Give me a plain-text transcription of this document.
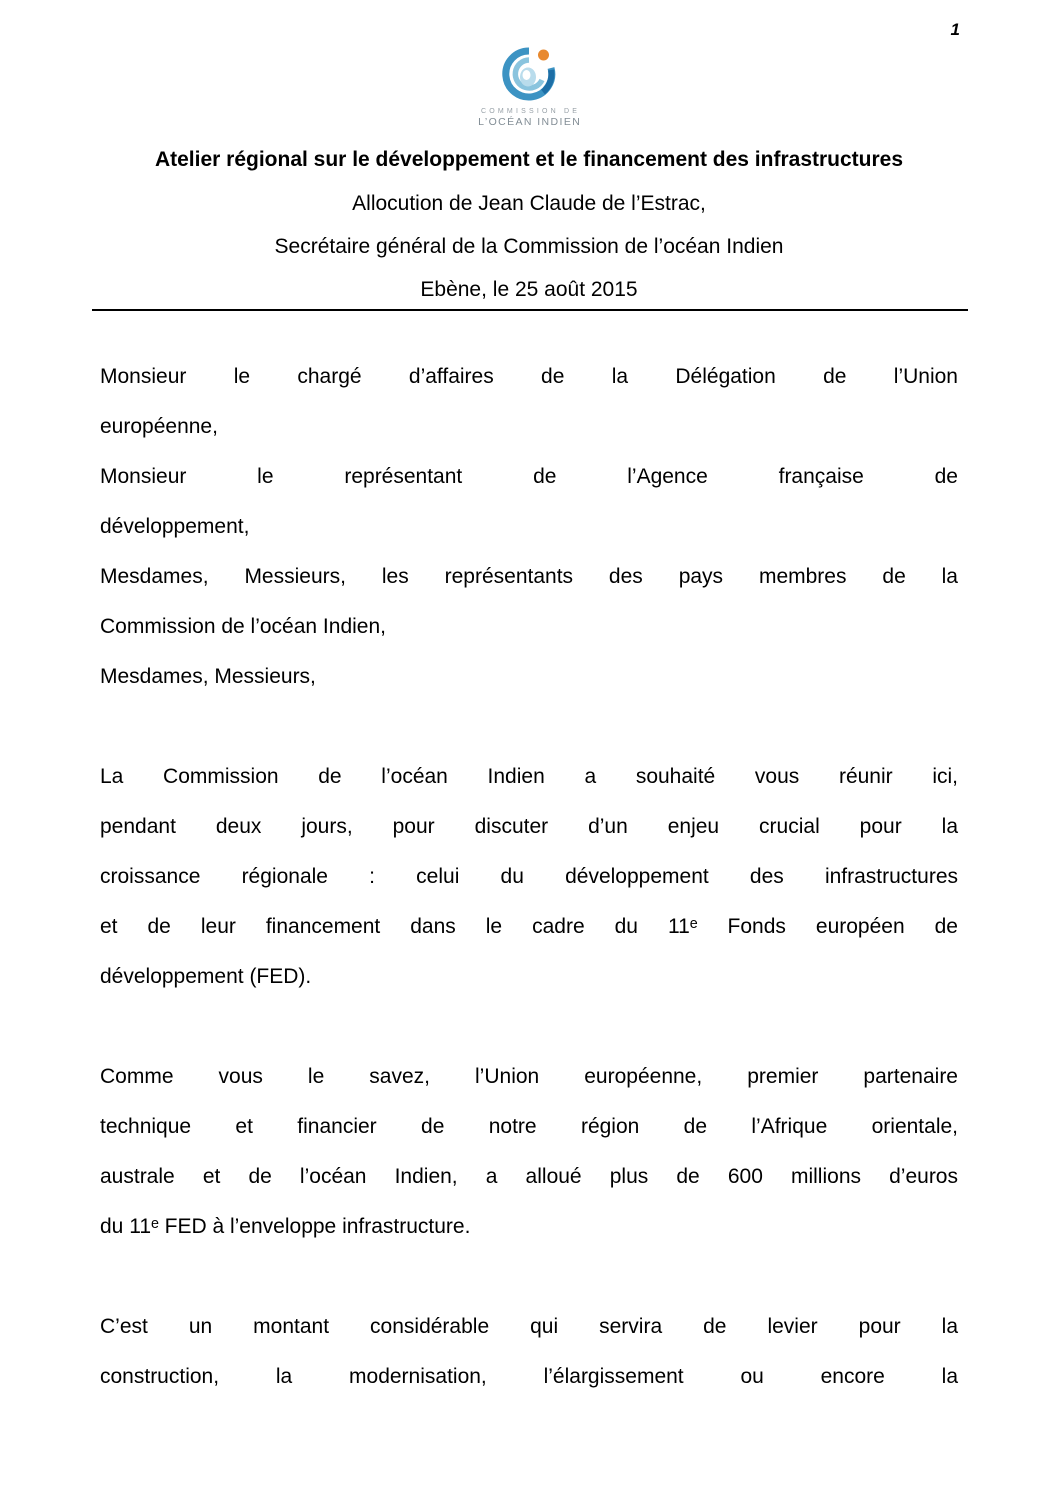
1
COMMISSION DE
L’OCÉAN INDIEN
Atelier régional sur le développement et le financement des infrastructures
Allocution de Jean Claude de l’Estrac,
Secrétaire général de la Commission de l’océan Indien
Ebène, le 25 août 2015
Monsieur le chargé d’affaires de la Délégation de l’Union
européenne,
Monsieur le représentant de l’Agence française de
développement,
Mesdames, Messieurs, les représentants des pays membres de la
Commission de l’océan Indien,
Mesdames, Messieurs,
La Commission de l’océan Indien a souhaité vous réunir ici,
pendant deux jours, pour discuter d’un enjeu crucial pour la
croissance régionale : celui du développement des infrastructures
et de leur financement dans le cadre du 11ᵉ Fonds européen de
développement (FED).
Comme vous le savez, l’Union européenne, premier partenaire
technique et financier de notre région de l’Afrique orientale,
australe et de l’océan Indien, a alloué plus de 600 millions d’euros
du 11ᵉ FED à l’enveloppe infrastructure.
C’est un montant considérable qui servira de levier pour la
construction, la modernisation, l’élargissement ou encore la
